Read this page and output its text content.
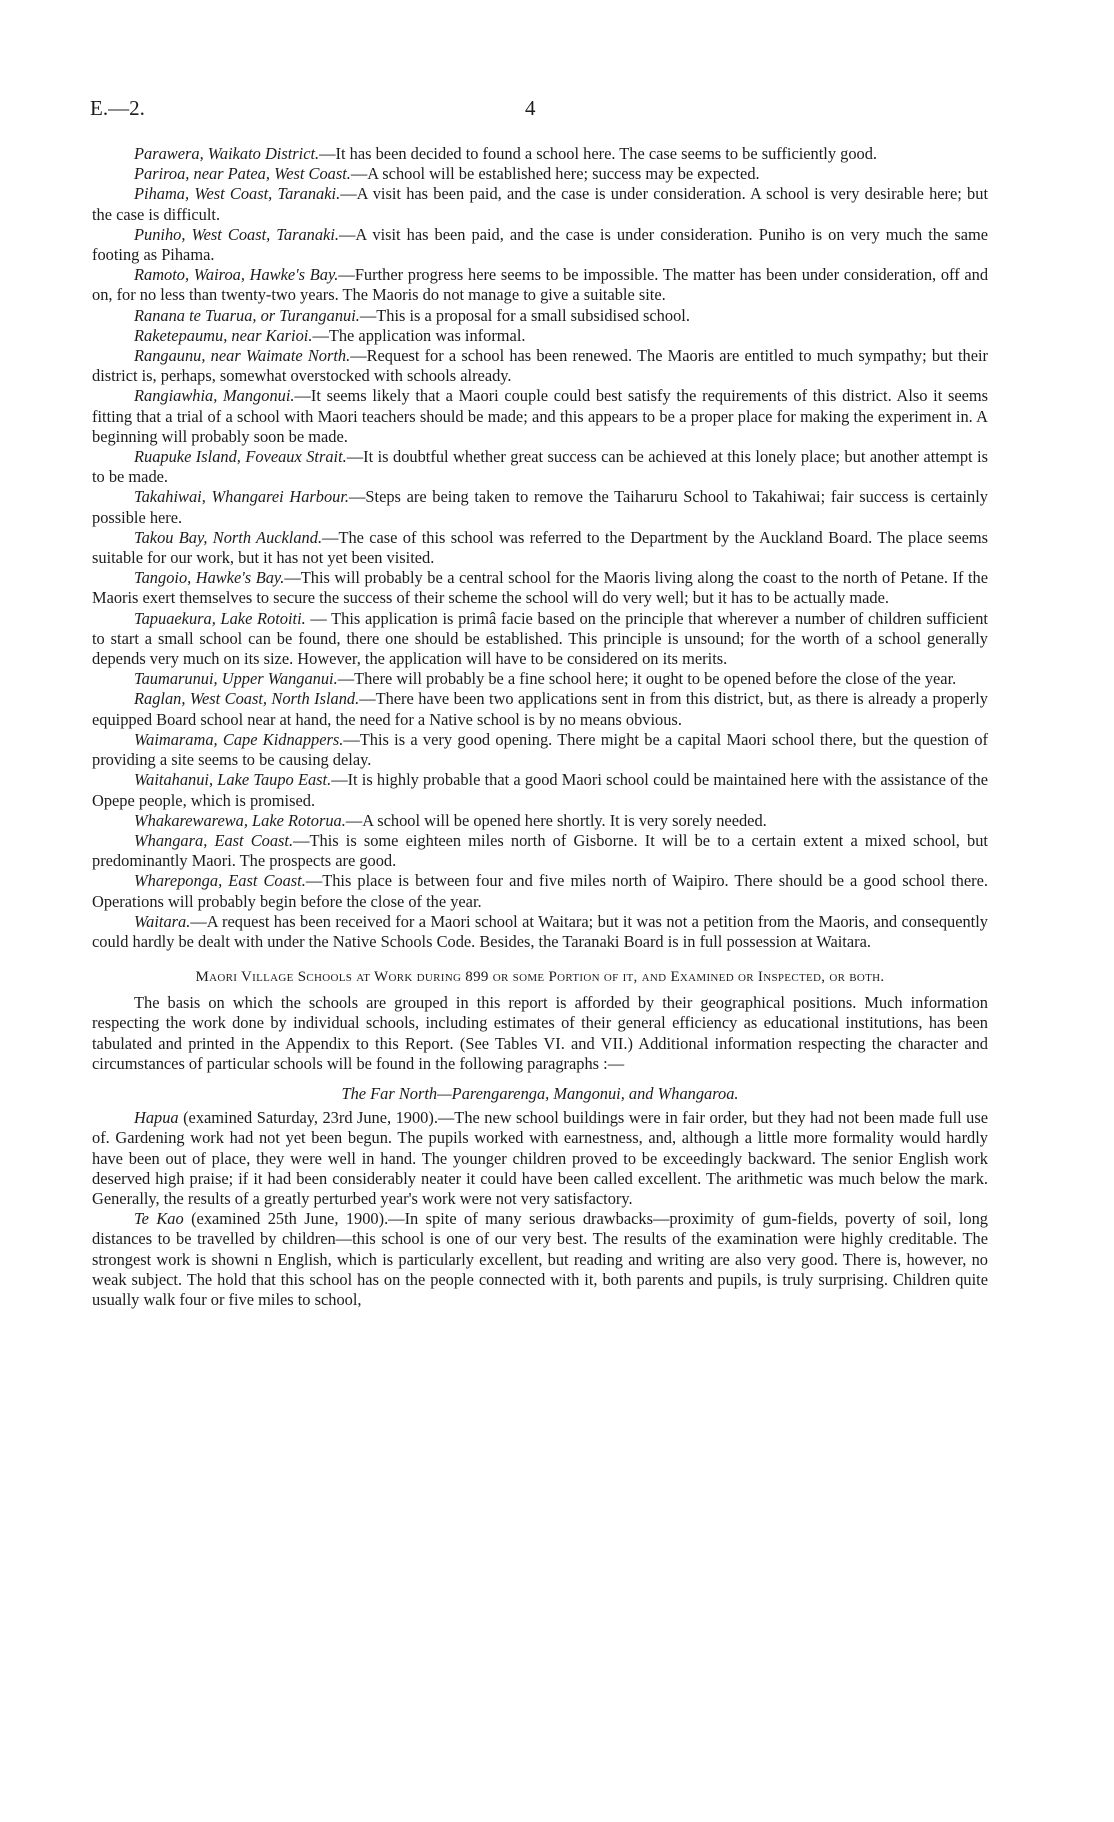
E.—2.	4

Parawera, Waikato District.—It has been decided to found a school here. The case seems to be sufficiently good.

Pariroa, near Patea, West Coast.—A school will be established here; success may be expected.

Pihama, West Coast, Taranaki.—A visit has been paid, and the case is under consideration. A school is very desirable here; but the case is difficult.

Puniho, West Coast, Taranaki.—A visit has been paid, and the case is under consideration. Puniho is on very much the same footing as Pihama.

Ramoto, Wairoa, Hawke's Bay.—Further progress here seems to be impossible. The matter has been under consideration, off and on, for no less than twenty-two years. The Maoris do not manage to give a suitable site.

Ranana te Tuarua, or Turanganui.—This is a proposal for a small subsidised school.

Raketepaumu, near Karioi.—The application was informal.

Rangaunu, near Waimate North.—Request for a school has been renewed. The Maoris are entitled to much sympathy; but their district is, perhaps, somewhat overstocked with schools already.

Rangiawhia, Mangonui.—It seems likely that a Maori couple could best satisfy the requirements of this district. Also it seems fitting that a trial of a school with Maori teachers should be made; and this appears to be a proper place for making the experiment in. A beginning will probably soon be made.

Ruapuke Island, Foveaux Strait.—It is doubtful whether great success can be achieved at this lonely place; but another attempt is to be made.

Takahiwai, Whangarei Harbour.—Steps are being taken to remove the Taiharuru School to Takahiwai; fair success is certainly possible here.

Takou Bay, North Auckland.—The case of this school was referred to the Department by the Auckland Board. The place seems suitable for our work, but it has not yet been visited.

Tangoio, Hawke's Bay.—This will probably be a central school for the Maoris living along the coast to the north of Petane. If the Maoris exert themselves to secure the success of their scheme the school will do very well; but it has to be actually made.

Tapuaekura, Lake Rotoiti. — This application is primâ facie based on the principle that wherever a number of children sufficient to start a small school can be found, there one should be established. This principle is unsound; for the worth of a school generally depends very much on its size. However, the application will have to be considered on its merits.

Taumarunui, Upper Wanganui.—There will probably be a fine school here; it ought to be opened before the close of the year.

Raglan, West Coast, North Island.—There have been two applications sent in from this district, but, as there is already a properly equipped Board school near at hand, the need for a Native school is by no means obvious.

Waimarama, Cape Kidnappers.—This is a very good opening. There might be a capital Maori school there, but the question of providing a site seems to be causing delay.

Waitahanui, Lake Taupo East.—It is highly probable that a good Maori school could be maintained here with the assistance of the Opepe people, which is promised.

Whakarewarewa, Lake Rotorua.—A school will be opened here shortly. It is very sorely needed.

Whangara, East Coast.—This is some eighteen miles north of Gisborne. It will be to a certain extent a mixed school, but predominantly Maori. The prospects are good.

Whareponga, East Coast.—This place is between four and five miles north of Waipiro. There should be a good school there. Operations will probably begin before the close of the year.

Waitara.—A request has been received for a Maori school at Waitara; but it was not a petition from the Maoris, and consequently could hardly be dealt with under the Native Schools Code. Besides, the Taranaki Board is in full possession at Waitara.

Maori Village Schools at Work during 899 or some Portion of it, and Examined or Inspected, or both.

The basis on which the schools are grouped in this report is afforded by their geographical positions. Much information respecting the work done by individual schools, including estimates of their general efficiency as educational institutions, has been tabulated and printed in the Appendix to this Report. (See Tables VI. and VII.) Additional information respecting the character and circumstances of particular schools will be found in the following paragraphs :—

The Far North—Parengarenga, Mangonui, and Whangaroa.

Hapua (examined Saturday, 23rd June, 1900).—The new school buildings were in fair order, but they had not been made full use of. Gardening work had not yet been begun. The pupils worked with earnestness, and, although a little more formality would hardly have been out of place, they were well in hand. The younger children proved to be exceedingly backward. The senior English work deserved high praise; if it had been considerably neater it could have been called excellent. The arithmetic was much below the mark. Generally, the results of a greatly perturbed year's work were not very satisfactory.

Te Kao (examined 25th June, 1900).—In spite of many serious drawbacks—proximity of gum-fields, poverty of soil, long distances to be travelled by children—this school is one of our very best. The results of the examination were highly creditable. The strongest work is showni n English, which is particularly excellent, but reading and writing are also very good. There is, however, no weak subject. The hold that this school has on the people connected with it, both parents and pupils, is truly surprising. Children quite usually walk four or five miles to school,
